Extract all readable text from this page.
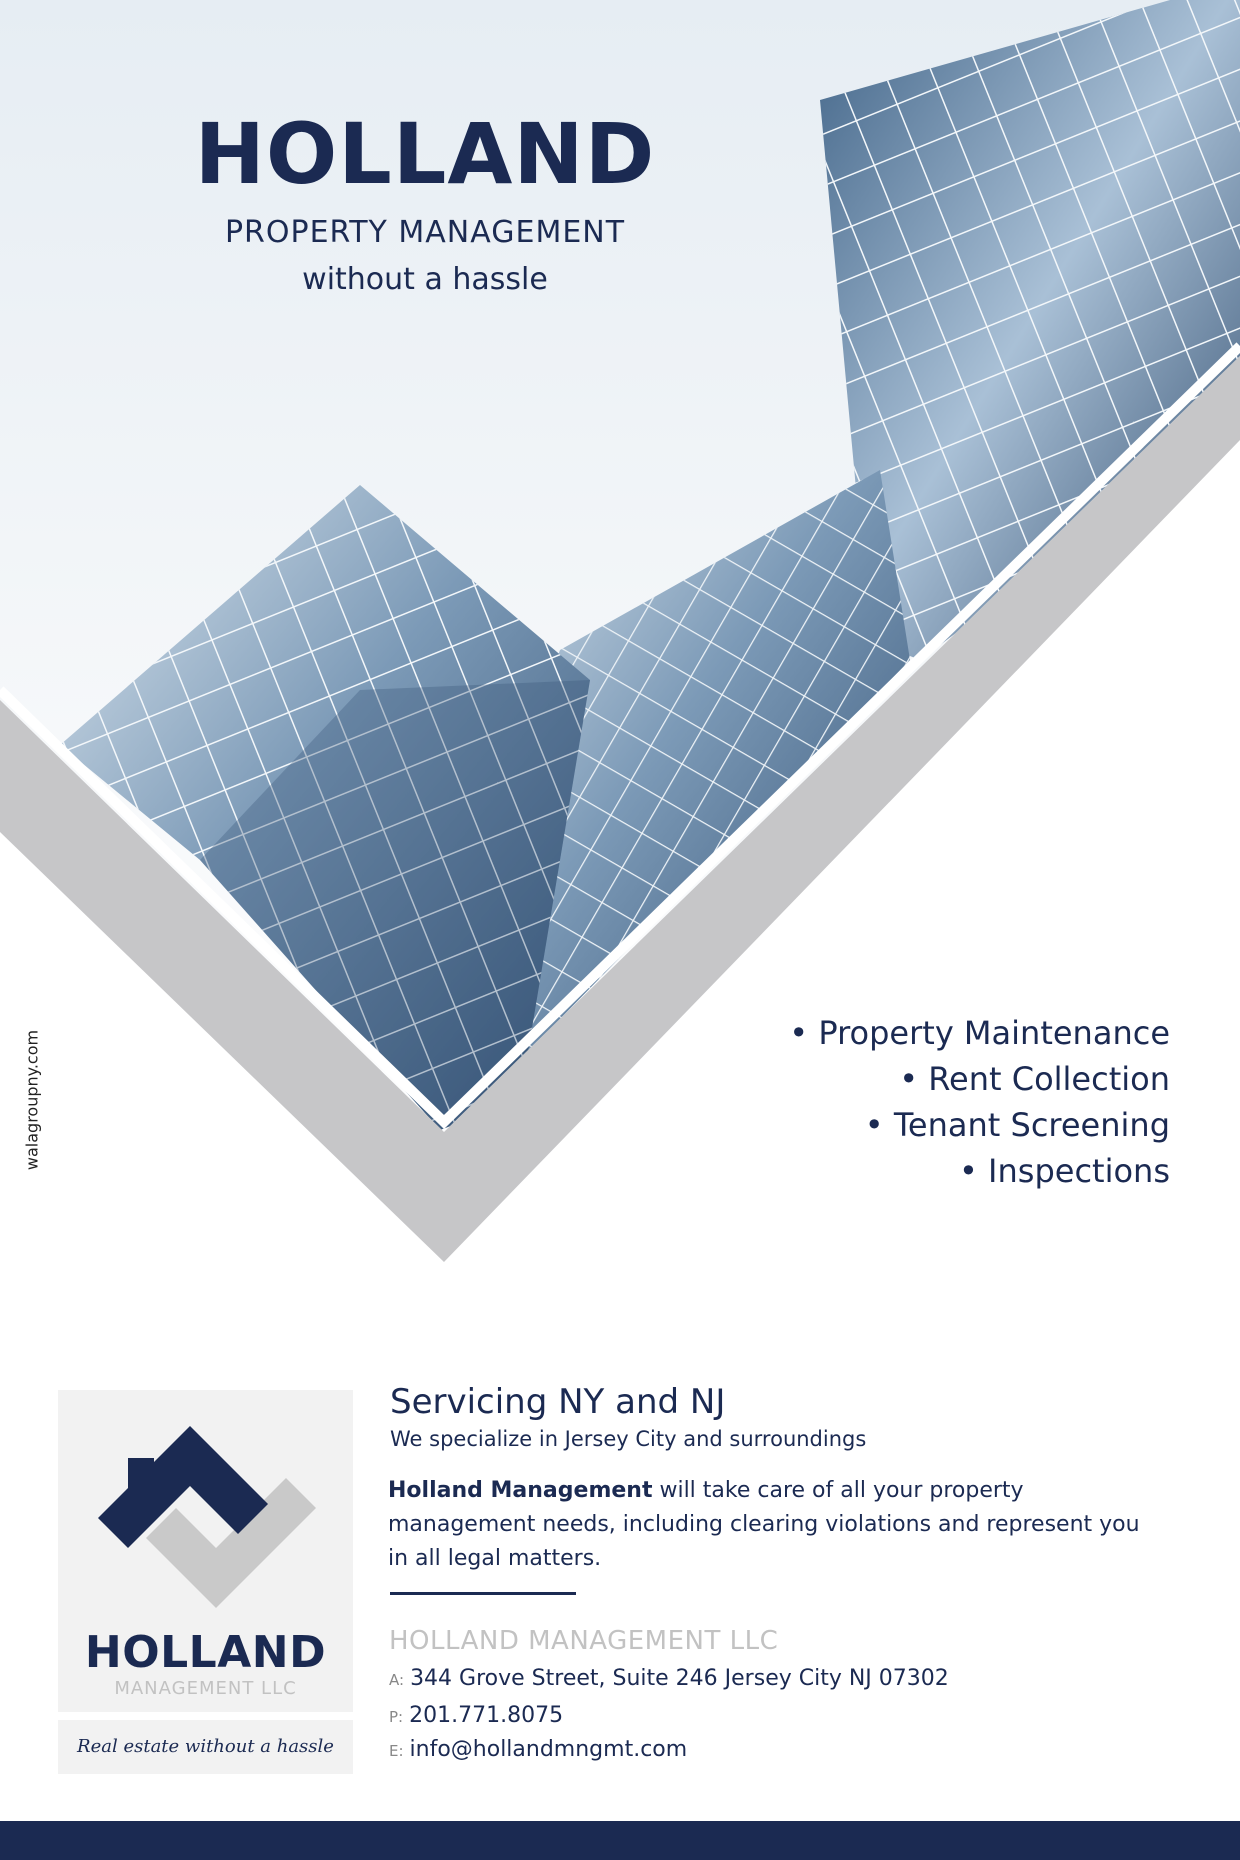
HOLLAND
PROPERTY MANAGEMENT
without a hassle
• Property Maintenance
• Rent Collection
• Tenant Screening
• Inspections
walagroupny.com
HOLLAND
MANAGEMENT LLC
Real estate without a hassle
Servicing NY and NJ
We specialize in Jersey City and surroundings

Holland Management will take care of all your property management needs, including clearing violations and represent you in all legal matters.

HOLLAND MANAGEMENT LLC
A: 344 Grove Street, Suite 246 Jersey City NJ 07302
P: 201.771.8075
E: info@hollandmngmt.com
